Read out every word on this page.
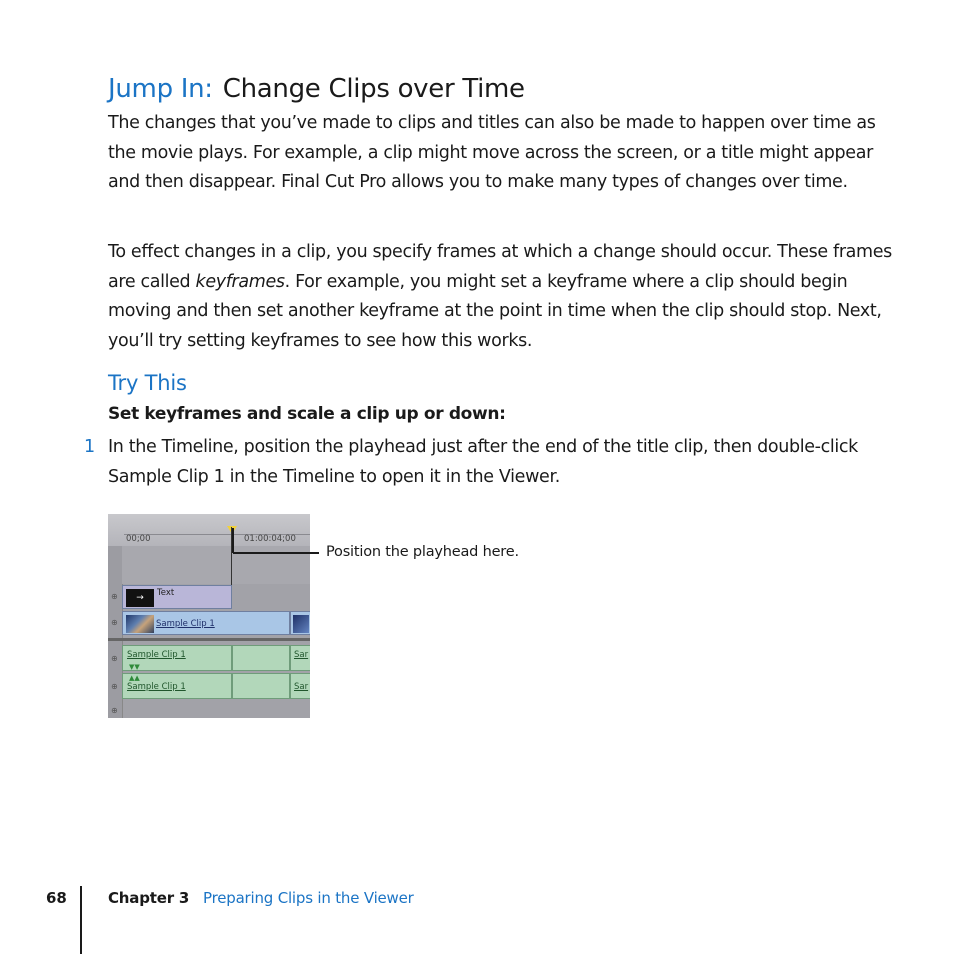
Jump In: Change Clips over Time

The changes that you’ve made to clips and titles can also be made to happen over time as the movie plays. For example, a clip might move across the screen, or a title might appear and then disappear. Final Cut Pro allows you to make many types of changes over time.

To effect changes in a clip, you specify frames at which a change should occur. These frames are called keyframes. For example, you might set a keyframe where a clip should begin moving and then set another keyframe at the point in time when the clip should stop. Next, you’ll try setting keyframes to see how this works.

Try This

Set keyframes and scale a clip up or down:

1 In the Timeline, position the playhead just after the end of the title clip, then double-click Sample Clip 1 in the Timeline to open it in the Viewer.

00;00	01:00:04;00
→	Text
⊕
Sample Clip 1
⊕
Sample Clip 1
▼▼
Sar
⊕
▲▲
Sample Clip 1	Sar
⊕
⊕
Position the playhead here.
68	Chapter 3 Preparing Clips in the Viewer
